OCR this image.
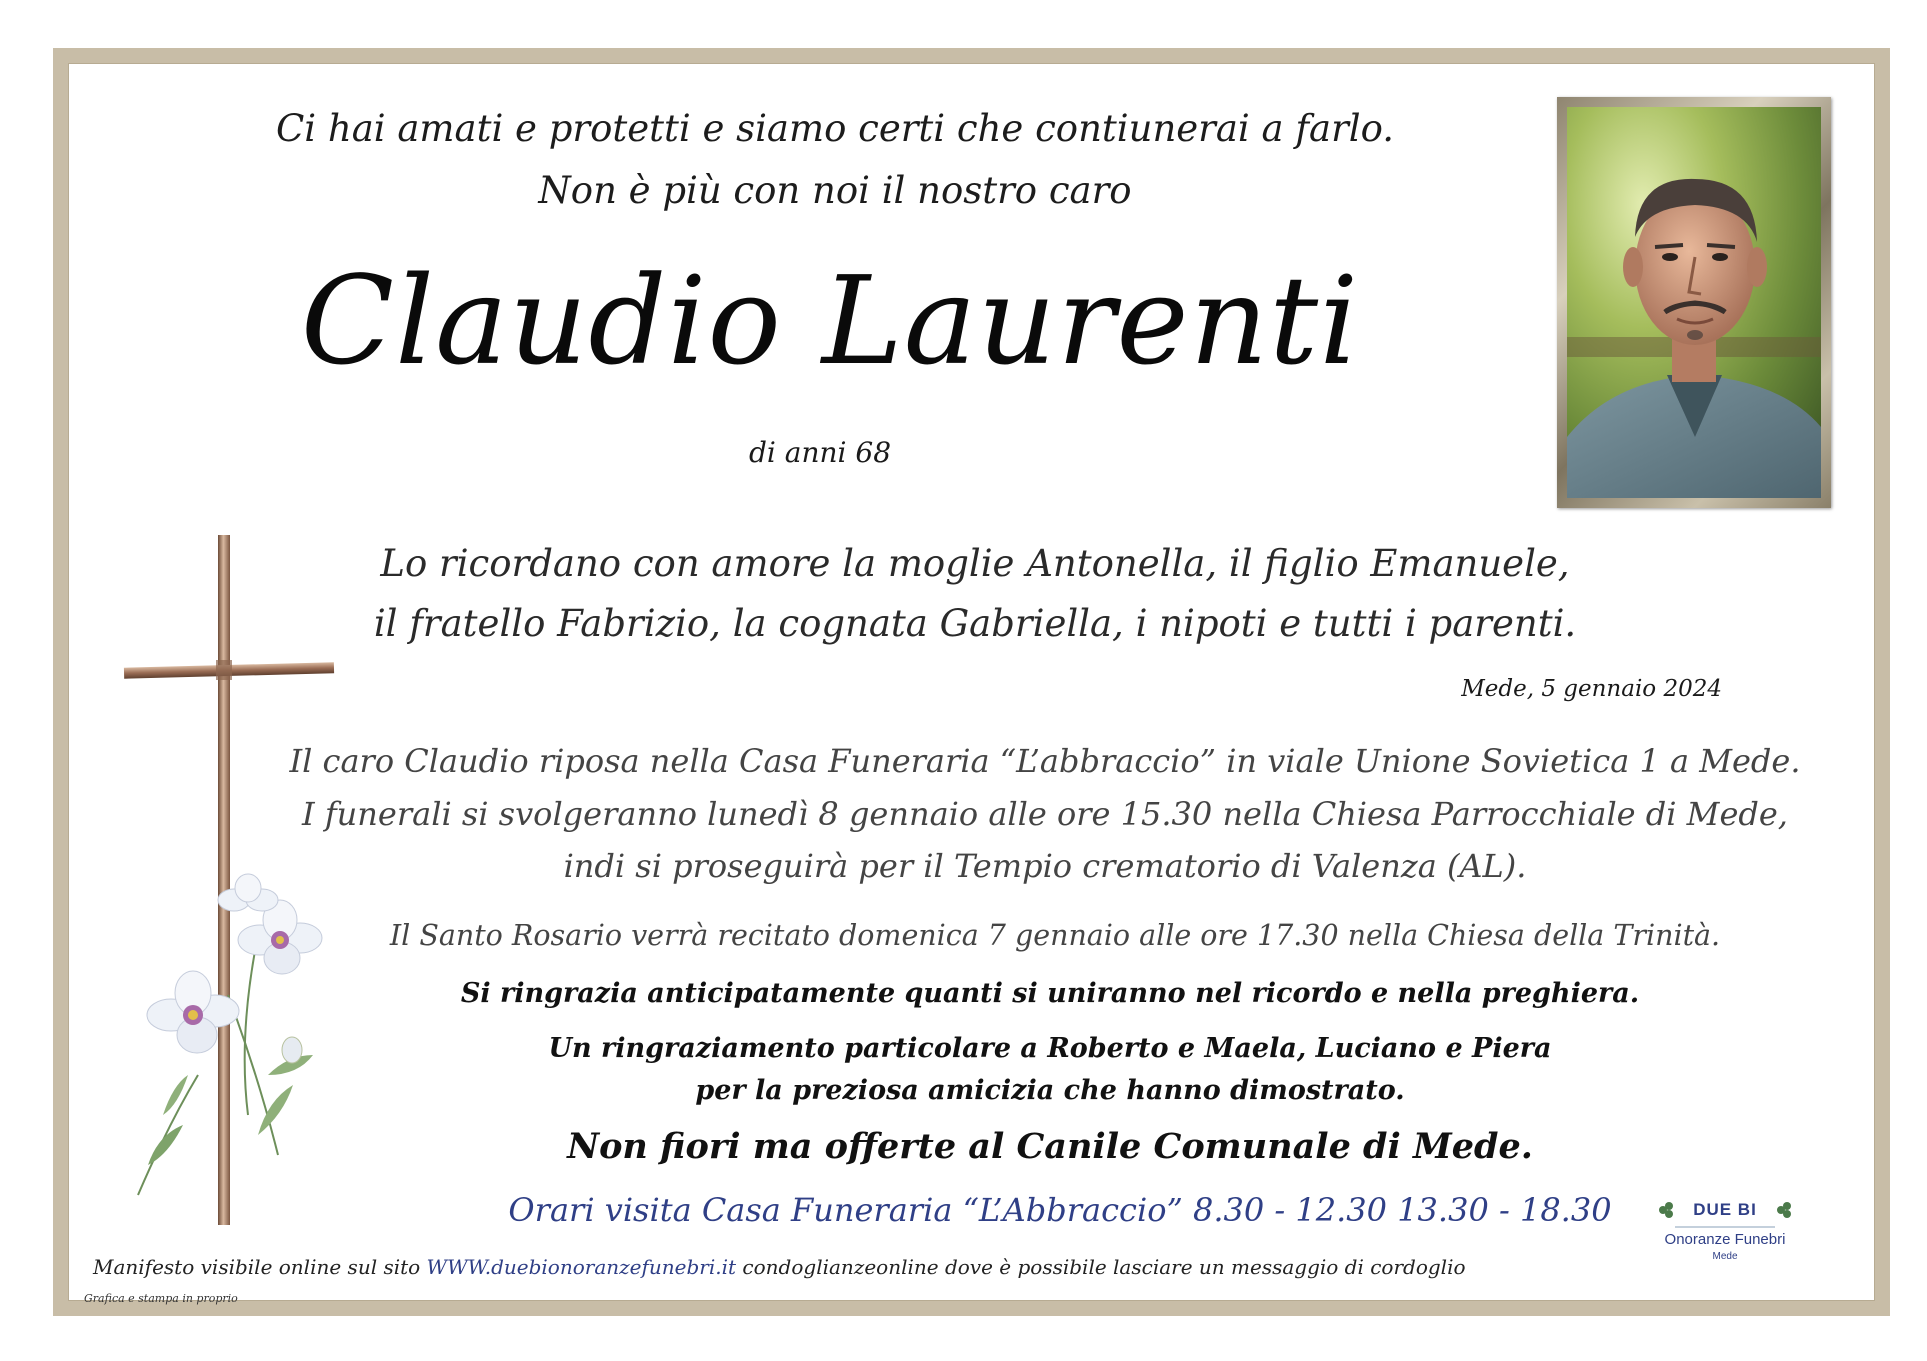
Ci hai amati e protetti e siamo certi che contiunerai a farlo.
Non è più con noi il nostro caro
Claudio Laurenti
di anni 68
Lo ricordano con amore la moglie Antonella, il figlio Emanuele,
il fratello Fabrizio, la cognata Gabriella, i nipoti e tutti i parenti.
Mede, 5 gennaio 2024
Il caro Claudio riposa nella Casa Funeraria “L’abbraccio” in viale Unione Sovietica 1 a Mede.
I funerali si svolgeranno lunedì 8 gennaio alle ore 15.30 nella Chiesa Parrocchiale di Mede,
indi si proseguirà per il Tempio crematorio di Valenza (AL).
Il Santo Rosario verrà recitato domenica 7 gennaio alle ore 17.30 nella Chiesa della Trinità.
Si ringrazia anticipatamente quanti si uniranno nel ricordo e nella preghiera.
Un ringraziamento particolare a Roberto e Maela, Luciano e Piera
per la preziosa amicizia che hanno dimostrato.
Non fiori ma offerte al Canile Comunale di Mede.
Orari visita Casa Funeraria “L’Abbraccio” 8.30 - 12.30 13.30 - 18.30
Manifesto visibile online sul sito WWW.duebionoranzefunebri.it condoglianzeonline dove è possibile lasciare un messaggio di cordoglio
Grafica e stampa in proprio
DUE BI
Onoranze Funebri
Mede
